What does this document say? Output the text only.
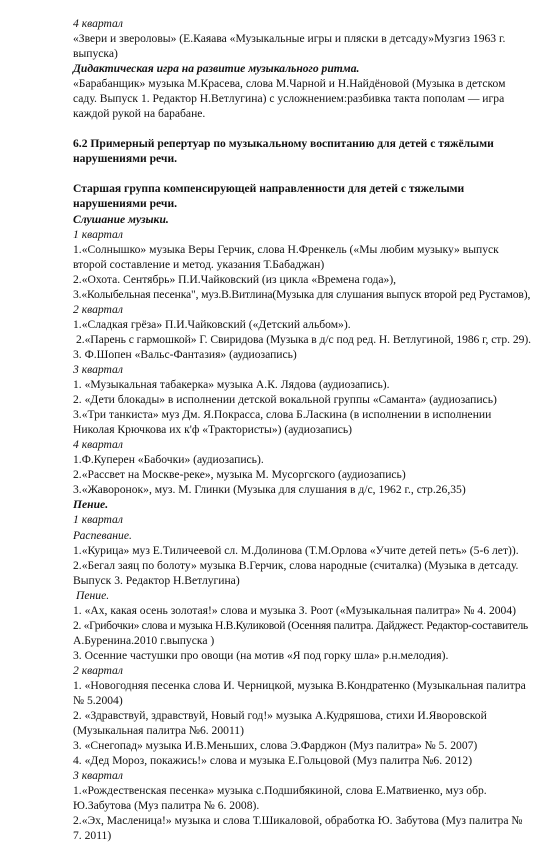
4 квартал
«Звери и звероловы» (Е.Каяава «Музыкальные игры и пляски в детсаду»Музгиз 1963 г.
выпуска)
Дидактическая игра на развитие музыкального ритма.
«Барабанщик» музыка М.Красева, слова М.Чарной и Н.Найдёновой (Музыка в детском
саду. Выпуск 1. Редактор Н.Ветлугина) с усложнением:разбивка такта пополам — игра
каждой рукой на барабане.
6.2 Примерный репертуар по музыкальному воспитанию для детей с тяжёлыми
нарушениями речи.
Старшая группа компенсирующей направленности для детей с тяжелыми
нарушениями речи.
Слушание музыки.
1 квартал
1.«Солнышко» музыка Веры Герчик, слова Н.Френкель («Мы любим музыку» выпуск
второй составление и метод. указания Т.Бабаджан)
2.«Охота. Сентябрь» П.И.Чайковский (из цикла «Времена года»),
3.«Колыбельная песенка", муз.В.Витлина(Музыка для слушания выпуск второй ред Рустамов),
2 квартал
1.«Сладкая грёза» П.И.Чайковский («Детский альбом»).
2.«Парень с гармошкой» Г. Свиридова (Музыка в д/с под ред. Н. Ветлугиной, 1986 г, стр. 29).
3. Ф.Шопен «Вальс-Фантазия» (аудиозапись)
3 квартал
1. «Музыкальная табакерка» музыка А.К. Лядова (аудиозапись).
2. «Дети блокады» в исполнении детской вокальной группы «Саманта» (аудиозапись)
3.«Три танкиста» муз Дм. Я.Покрасса, слова Б.Ласкина (в исполнении в исполнении
Николая Крючкова их к'ф «Трактористы») (аудиозапись)
4 квартал
1.Ф.Куперен «Бабочки» (аудиозапись).
2.«Рассвет на Москве-реке», музыка М. Мусоргского (аудиозапись)
3.«Жаворонок», муз. М. Глинки (Музыка для слушания в д/с, 1962 г., стр.26,35)
Пение.
1 квартал
Распевание.
1.«Курица» муз Е.Тиличеевой сл. М.Долинова (Т.М.Орлова «Учите детей петь» (5-6 лет)).
2.«Бегал заяц по болоту» музыка В.Герчик, слова народные (считалка) (Музыка в детсаду.
Выпуск 3. Редактор Н.Ветлугина)
Пение.
1. «Ах, какая осень золотая!» слова и музыка З. Роот («Музыкальная палитра» № 4. 2004)
2. «Грибочки» слова и музыка Н.В.Куликовой (Осенняя палитра. Дайджест. Редактор-составитель
А.Буренина.2010 г.выпуска )
3. Осенние частушки про овощи (на мотив «Я под горку шла» р.н.мелодия).
2 квартал
1. «Новогодняя песенка слова И. Черницкой, музыка В.Кондратенко (Музыкальная палитра
№ 5.2004)
2. «Здравствуй, здравствуй, Новый год!» музыка А.Кудряшова, стихи И.Яворовской
(Музыкальная палитра №6. 20011)
3. «Снегопад» музыка И.В.Меньших, слова Э.Фарджон (Муз палитра» № 5. 2007)
4. «Дед Мороз, покажись!» слова и музыка Е.Гольцовой (Муз палитра №6. 2012)
3 квартал
1.«Рождественская песенка» музыка с.Подшибякиной, слова Е.Матвиенко, муз обр.
Ю.Забутова (Муз палитра № 6. 2008).
2.«Эх, Масленица!» музыка и слова Т.Шикаловой, обработка Ю. Забутова (Муз палитра №
7. 2011)
